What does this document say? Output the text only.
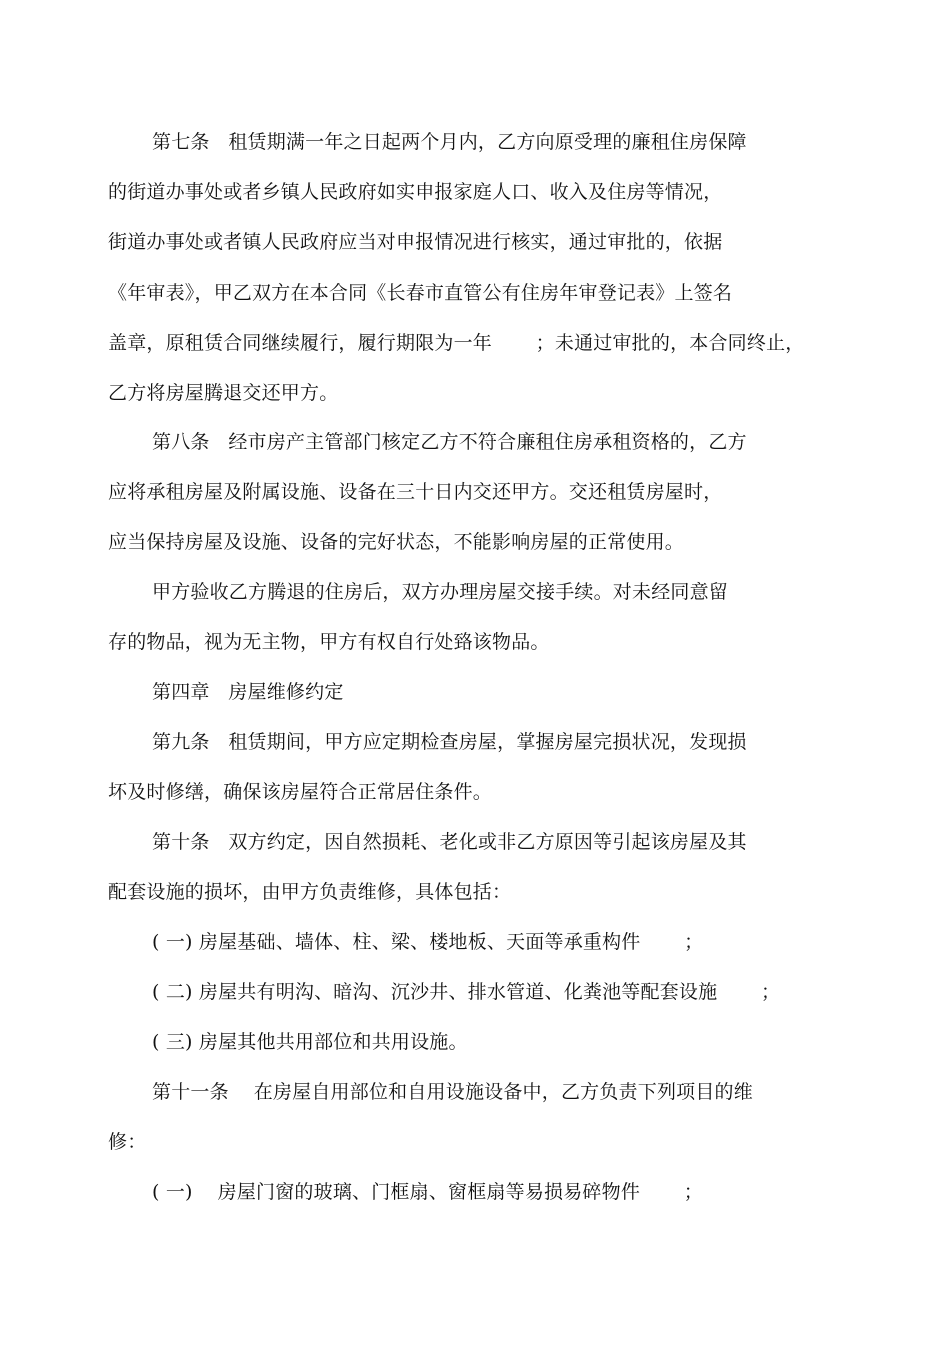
第七条   租赁期满一年之日起两个月内，乙方向原受理的廉租住房保障
的街道办事处或者乡镇人民政府如实申报家庭人口、收入及住房等情况，
街道办事处或者镇人民政府应当对申报情况进行核实，通过审批的，依据
《年审表》，甲乙双方在本合同《长春市直管公有住房年审登记表》上签名
盖章，原租赁合同继续履行，履行期限为一年       ；未通过审批的，本合同终止，
乙方将房屋腾退交还甲方。
第八条   经市房产主管部门核定乙方不符合廉租住房承租资格的，乙方
应将承租房屋及附属设施、设备在三十日内交还甲方。交还租赁房屋时，
应当保持房屋及设施、设备的完好状态，不能影响房屋的正常使用。
甲方验收乙方腾退的住房后，双方办理房屋交接手续。对未经同意留
存的物品，视为无主物，甲方有权自行处臵该物品。
第四章   房屋维修约定
第九条   租赁期间，甲方应定期检查房屋，掌握房屋完损状况，发现损
坏及时修缮，确保该房屋符合正常居住条件。
第十条   双方约定，因自然损耗、老化或非乙方原因等引起该房屋及其
配套设施的损坏，由甲方负责维修，具体包括：
( 一) 房屋基础、墙体、柱、梁、楼地板、天面等承重构件       ；
( 二) 房屋共有明沟、暗沟、沉沙井、排水管道、化粪池等配套设施       ；
( 三) 房屋其他共用部位和共用设施。
第十一条    在房屋自用部位和自用设施设备中，乙方负责下列项目的维
修：
( 一)    房屋门窗的玻璃、门框扇、窗框扇等易损易碎物件       ；
